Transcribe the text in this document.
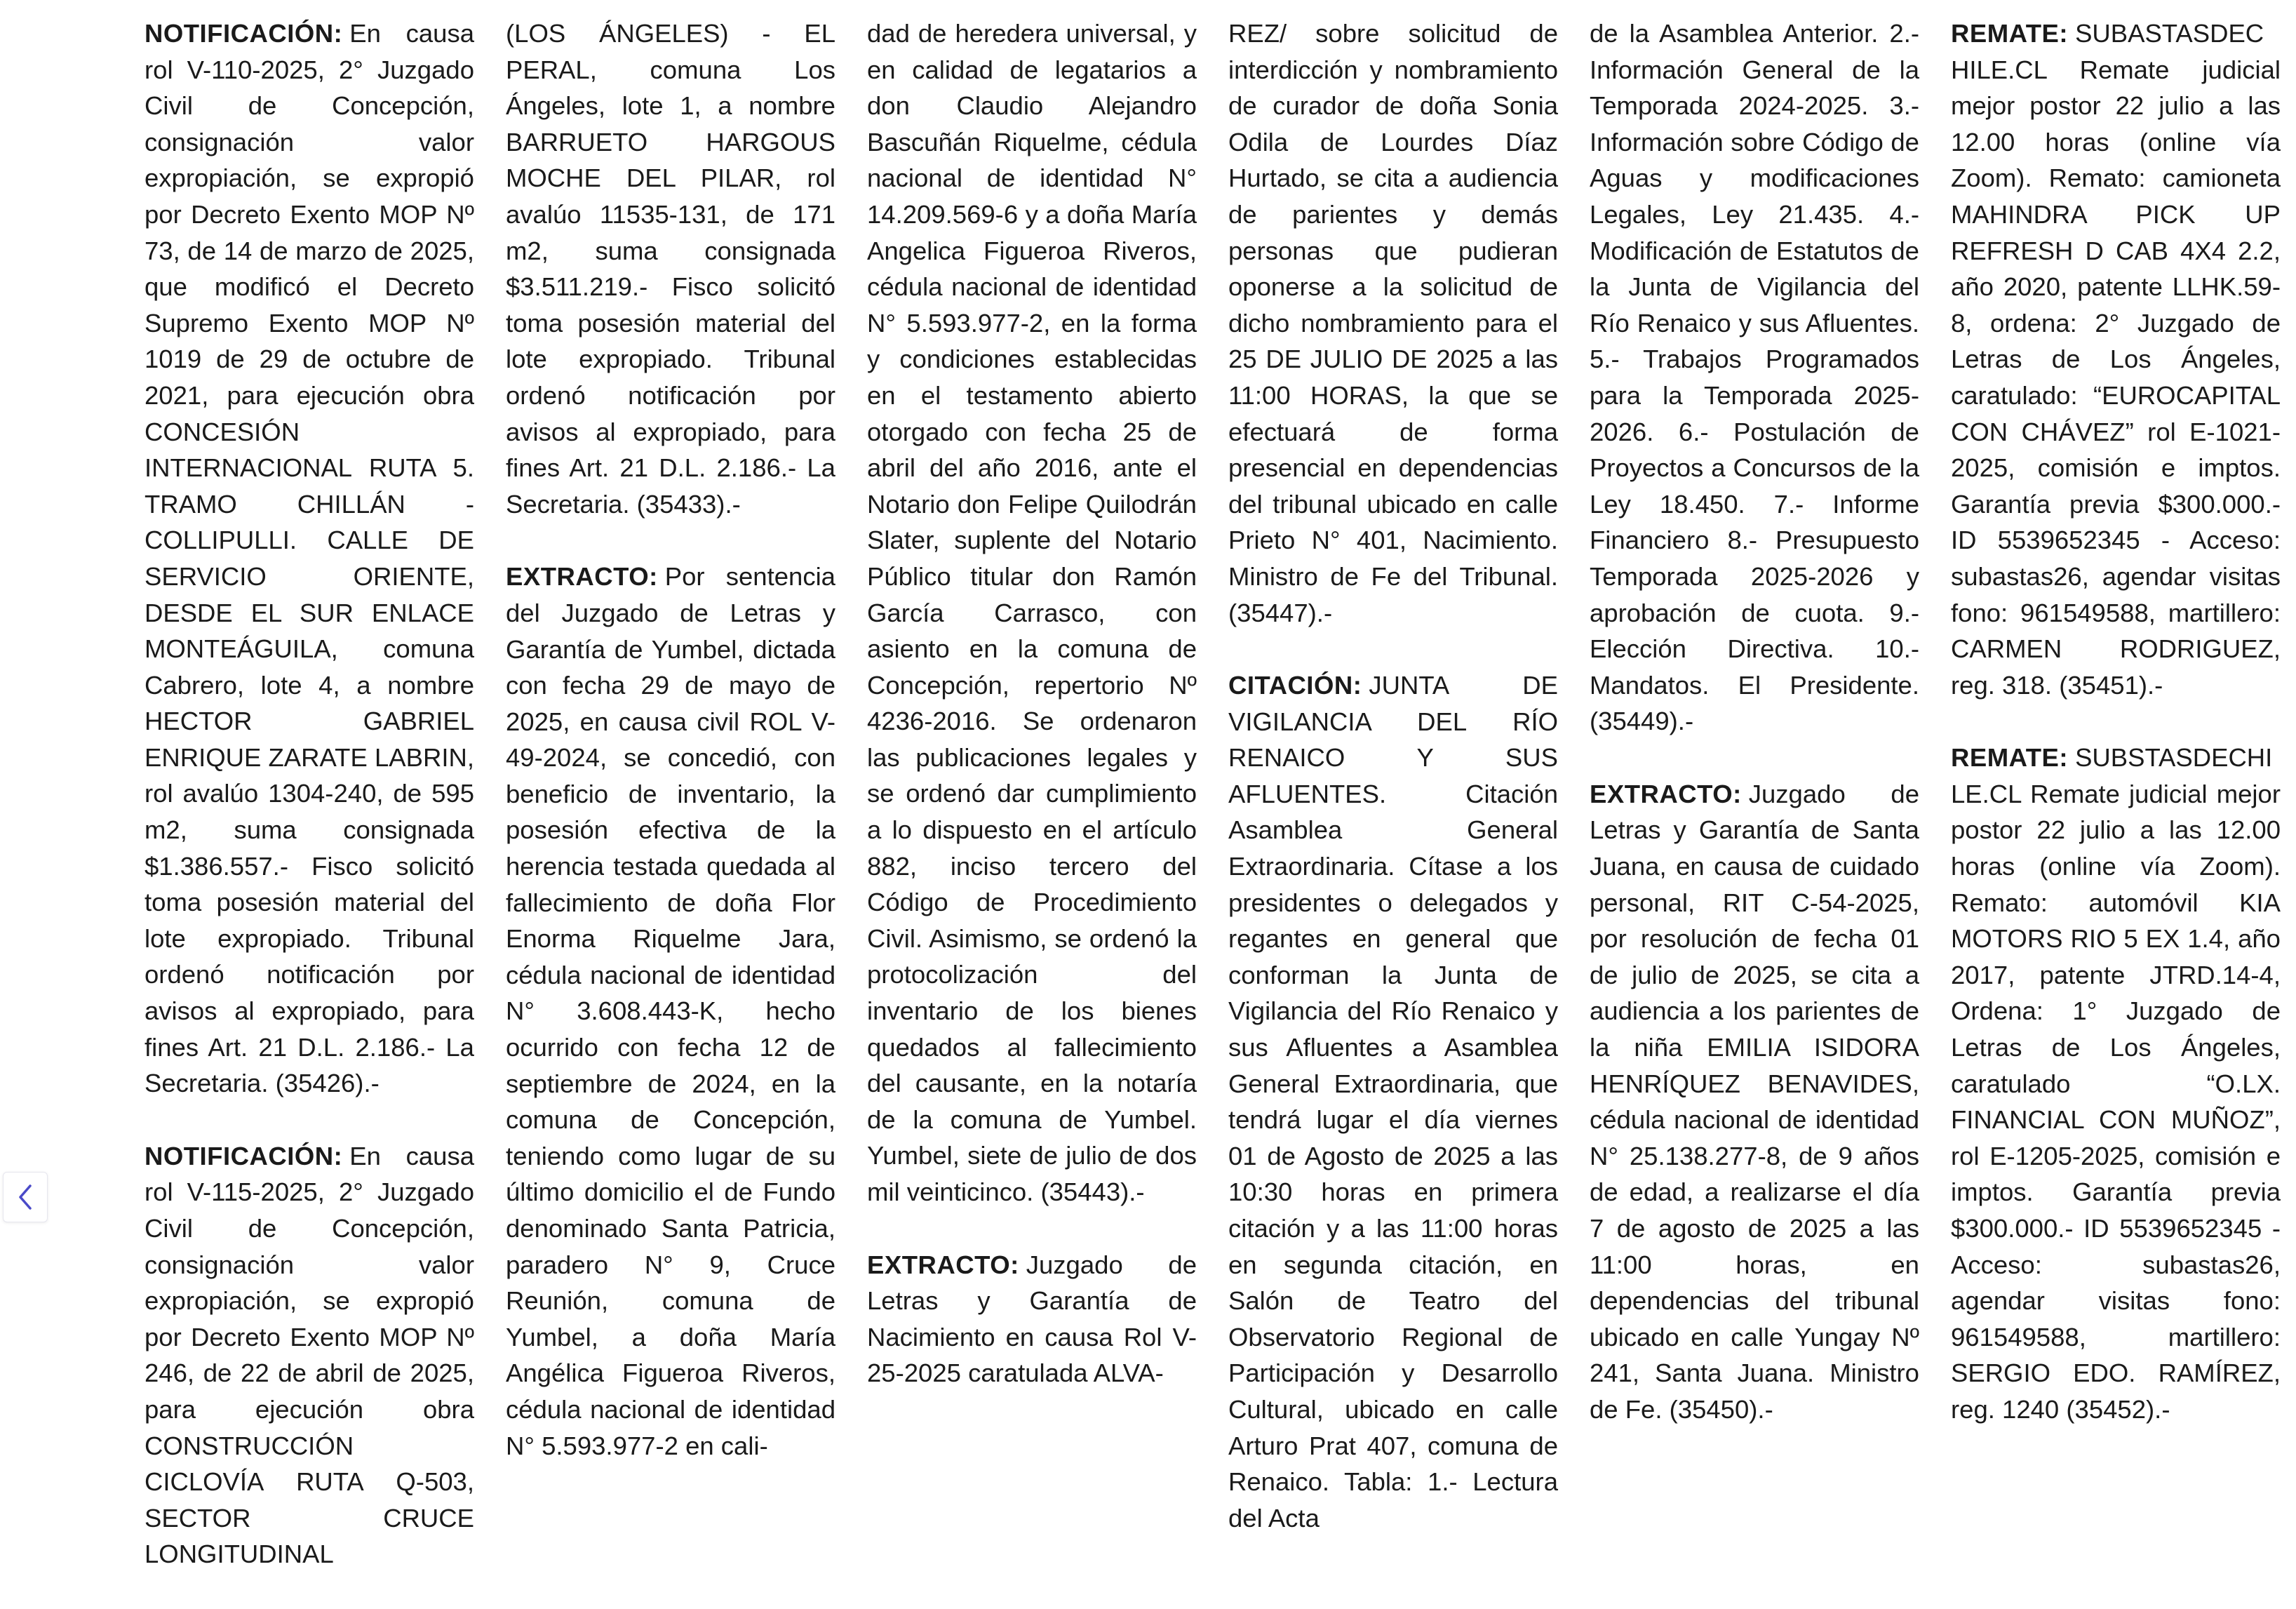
NOTIFICACIÓN: En causa rol V-110-2025, 2° Juzgado Civil de Concepción, consignación valor expropiación, se expropió por Decreto Exento MOP Nº 73, de 14 de marzo de 2025, que modificó el Decreto Supremo Exento MOP Nº 1019 de 29 de octubre de 2021, para ejecución obra CONCESIÓN INTERNACIONAL RUTA 5. TRAMO CHILLÁN - COLLIPULLI. CALLE DE SERVICIO ORIENTE, DESDE EL SUR ENLACE MONTEÁGUILA, comuna Cabrero, lote 4, a nombre HECTOR GABRIEL ENRIQUE ZARATE LABRIN, rol avalúo 1304-240, de 595 m2, suma consignada $1.386.557.- Fisco solicitó toma posesión material del lote expropiado. Tribunal ordenó notificación por avisos al expropiado, para fines Art. 21 D.L. 2.186.- La Secretaria. (35426).-

NOTIFICACIÓN: En causa rol V-115-2025, 2° Juzgado Civil de Concepción, consignación valor expropiación, se expropió por Decreto Exento MOP Nº 246, de 22 de abril de 2025, para ejecución obra CONSTRUCCIÓN CICLOVÍA RUTA Q-503, SECTOR CRUCE LONGITUDINAL

(LOS ÁNGELES) - EL PERAL, comuna Los Ángeles, lote 1, a nombre BARRUETO HARGOUS MOCHE DEL PILAR, rol avalúo 11535-131, de 171 m2, suma consignada $3.511.219.- Fisco solicitó toma posesión material del lote expropiado. Tribunal ordenó notificación por avisos al expropiado, para fines Art. 21 D.L. 2.186.- La Secretaria. (35433).-

EXTRACTO: Por sentencia del Juzgado de Letras y Garantía de Yumbel, dictada con fecha 29 de mayo de 2025, en causa civil ROL V-49-2024, se concedió, con beneficio de inventario, la posesión efectiva de la herencia testada quedada al fallecimiento de doña Flor Enorma Riquelme Jara, cédula nacional de identidad N° 3.608.443-K, hecho ocurrido con fecha 12 de septiembre de 2024, en la comuna de Concepción, teniendo como lugar de su último domicilio el de Fundo denominado Santa Patricia, paradero N° 9, Cruce Reunión, comuna de Yumbel, a doña María Angélica Figueroa Riveros, cédula nacional de identidad N° 5.593.977-2 en cali-

dad de heredera universal, y en calidad de legatarios a don Claudio Alejandro Bascuñán Riquelme, cédula nacional de identidad N° 14.209.569-6 y a doña María Angelica Figueroa Riveros, cédula nacional de identidad N° 5.593.977-2, en la forma y condiciones establecidas en el testamento abierto otorgado con fecha 25 de abril del año 2016, ante el Notario don Felipe Quilodrán Slater, suplente del Notario Público titular don Ramón García Carrasco, con asiento en la comuna de Concepción, repertorio Nº 4236-2016. Se ordenaron las publicaciones legales y se ordenó dar cumplimiento a lo dispuesto en el artículo 882, inciso tercero del Código de Procedimiento Civil. Asimismo, se ordenó la protocolización del inventario de los bienes quedados al fallecimiento del causante, en la notaría de la comuna de Yumbel. Yumbel, siete de julio de dos mil veinticinco. (35443).-

EXTRACTO: Juzgado de Letras y Garantía de Nacimiento en causa Rol V-25-2025 caratulada ALVA-

REZ/ sobre solicitud de interdicción y nombramiento de curador de doña Sonia Odila de Lourdes Díaz Hurtado, se cita a audiencia de parientes y demás personas que pudieran oponerse a la solicitud de dicho nombramiento para el 25 DE JULIO DE 2025 a las 11:00 HORAS, la que se efectuará de forma presencial en dependencias del tribunal ubicado en calle Prieto N° 401, Nacimiento. Ministro de Fe del Tribunal. (35447).-

CITACIÓN: JUNTA DE VIGILANCIA DEL RÍO RENAICO Y SUS AFLUENTES. Citación Asamblea General Extraordinaria. Cítase a los presidentes o delegados y regantes en general que conforman la Junta de Vigilancia del Río Renaico y sus Afluentes a Asamblea General Extraordinaria, que tendrá lugar el día viernes 01 de Agosto de 2025 a las 10:30 horas en primera citación y a las 11:00 horas en segunda citación, en Salón de Teatro del Observatorio Regional de Participación y Desarrollo Cultural, ubicado en calle Arturo Prat 407, comuna de Renaico. Tabla: 1.- Lectura del Acta

de la Asamblea Anterior. 2.- Información General de la Temporada 2024-2025. 3.- Información sobre Código de Aguas y modificaciones Legales, Ley 21.435. 4.- Modificación de Estatutos de la Junta de Vigilancia del Río Renaico y sus Afluentes. 5.- Trabajos Programados para la Temporada 2025-2026. 6.- Postulación de Proyectos a Concursos de la Ley 18.450. 7.- Informe Financiero 8.- Presupuesto Temporada 2025-2026 y aprobación de cuota. 9.- Elección Directiva. 10.- Mandatos. El Presidente. (35449).-

EXTRACTO: Juzgado de Letras y Garantía de Santa Juana, en causa de cuidado personal, RIT C-54-2025, por resolución de fecha 01 de julio de 2025, se cita a audiencia a los parientes de la niña EMILIA ISIDORA HENRÍQUEZ BENAVIDES, cédula nacional de identidad N° 25.138.277-8, de 9 años de edad, a realizarse el día 7 de agosto de 2025 a las 11:00 horas, en dependencias del tribunal ubicado en calle Yungay Nº 241, Santa Juana. Ministro de Fe. (35450).-

REMATE: SUBASTASDECHILE.CL Remate judicial mejor postor 22 julio a las 12.00 horas (online vía Zoom). Remato: camioneta MAHINDRA PICK UP REFRESH D CAB 4X4 2.2, año 2020, patente LLHK.59-8, ordena: 2° Juzgado de Letras de Los Ángeles, caratulado: “EUROCAPITAL CON CHÁVEZ” rol E-1021-2025, comisión e imptos. Garantía previa $300.000.- ID 5539652345 - Acceso: subastas26, agendar visitas fono: 961549588, martillero: CARMEN RODRIGUEZ, reg. 318. (35451).-

REMATE: SUBSTASDECHILE.CL Remate judicial mejor postor 22 julio a las 12.00 horas (online vía Zoom). Remato: automóvil KIA MOTORS RIO 5 EX 1.4, año 2017, patente JTRD.14-4, Ordena: 1° Juzgado de Letras de Los Ángeles, caratulado “O.LX. FINANCIAL CON MUÑOZ”, rol E-1205-2025, comisión e imptos. Garantía previa $300.000.- ID 5539652345 - Acceso: subastas26, agendar visitas fono: 961549588, martillero: SERGIO EDO. RAMÍREZ, reg. 1240 (35452).-
